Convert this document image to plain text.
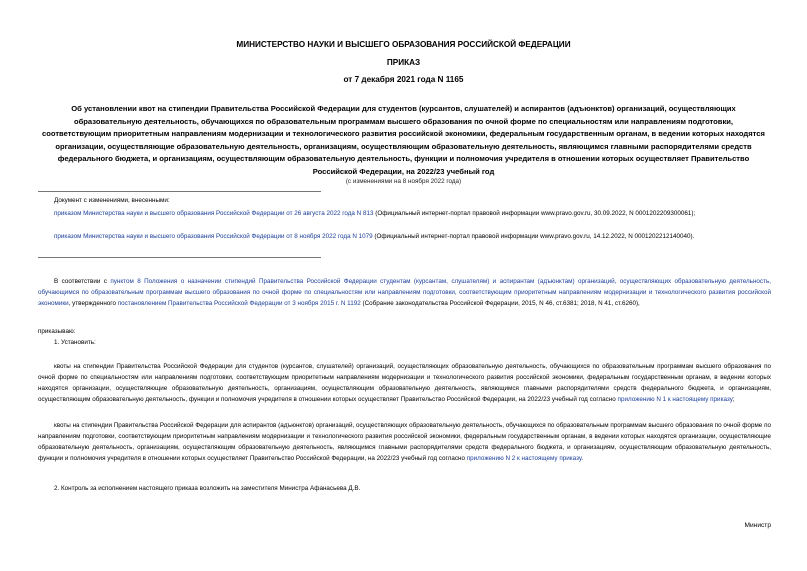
МИНИСТЕРСТВО НАУКИ И ВЫСШЕГО ОБРАЗОВАНИЯ РОССИЙСКОЙ ФЕДЕРАЦИИ
ПРИКАЗ
от 7 декабря 2021 года N 1165
Об установлении квот на стипендии Правительства Российской Федерации для студентов (курсантов, слушателей) и аспирантов (адъюнктов) организаций, осуществляющих образовательную деятельность, обучающихся по образовательным программам высшего образования по очной форме по специальностям или направлениям подготовки, соответствующим приоритетным направлениям модернизации и технологического развития российской экономики, федеральным государственным органам, в ведении которых находятся организации, осуществляющие образовательную деятельность, организациям, осуществляющим образовательную деятельность, являющимся главными распорядителями средств федерального бюджета, и организациям, осуществляющим образовательную деятельность, функции и полномочия учредителя в отношении которых осуществляет Правительство Российской Федерации, на 2022/23 учебный год
(с изменениями на 8 ноября 2022 года)
Документ с изменениями, внесенными:
приказом Министерства науки и высшего образования Российской Федерации от 26 августа 2022 года N 813 (Официальный интернет-портал правовой информации www.pravo.gov.ru, 30.09.2022, N 0001202209300061);
приказом Министерства науки и высшего образования Российской Федерации от 8 ноября 2022 года N 1079 (Официальный интернет-портал правовой информации www.pravo.gov.ru, 14.12.2022, N 0001202212140040).
В соответствии с пунктом 8 Положения о назначении стипендий Правительства Российской Федерации студентам (курсантам, слушателям) и аспирантам (адъюнктам) организаций, осуществляющих образовательную деятельность, обучающимся по образовательным программам высшего образования по очной форме по специальностям или направлениям подготовки, соответствующим приоритетным направлениям модернизации и технологического развития российской экономики, утвержденного постановлением Правительства Российской Федерации от 3 ноября 2015 г. N 1192 (Собрание законодательства Российской Федерации, 2015, N 46, ст.6381; 2018, N 41, ст.6260),
приказываю:
1. Установить:
квоты на стипендии Правительства Российской Федерации для студентов (курсантов, слушателей) организаций, осуществляющих образовательную деятельность, обучающихся по образовательным программам высшего образования по очной форме по специальностям или направлениям подготовки, соответствующим приоритетным направлениям модернизации и технологического развития российской экономики, федеральным государственным органам, в ведении которых находятся организации, осуществляющие образовательную деятельность, организациям, осуществляющим образовательную деятельность, являющимся главными распорядителями средств федерального бюджета, и организациям, осуществляющим образовательную деятельность, функции и полномочия учредителя в отношении которых осуществляет Правительство Российской Федерации, на 2022/23 учебный год согласно приложению N 1 к настоящему приказу;
квоты на стипендии Правительства Российской Федерации для аспирантов (адъюнктов) организаций, осуществляющих образовательную деятельность, обучающихся по образовательным программам высшего образования по очной форме по направлениям подготовки, соответствующим приоритетным направлениям модернизации и технологического развития российской экономики, федеральным государственным органам, в ведении которых находятся организации, осуществляющие образовательную деятельность, организациям, осуществляющим образовательную деятельность, являющимся главными распорядителями средств федерального бюджета, и организациям, осуществляющим образовательную деятельность, функции и полномочия учредителя в отношении которых осуществляет Правительство Российской Федерации, на 2022/23 учебный год согласно приложению N 2 к настоящему приказу.
2. Контроль за исполнением настоящего приказа возложить на заместителя Министра Афанасьева Д.В.
Министр
